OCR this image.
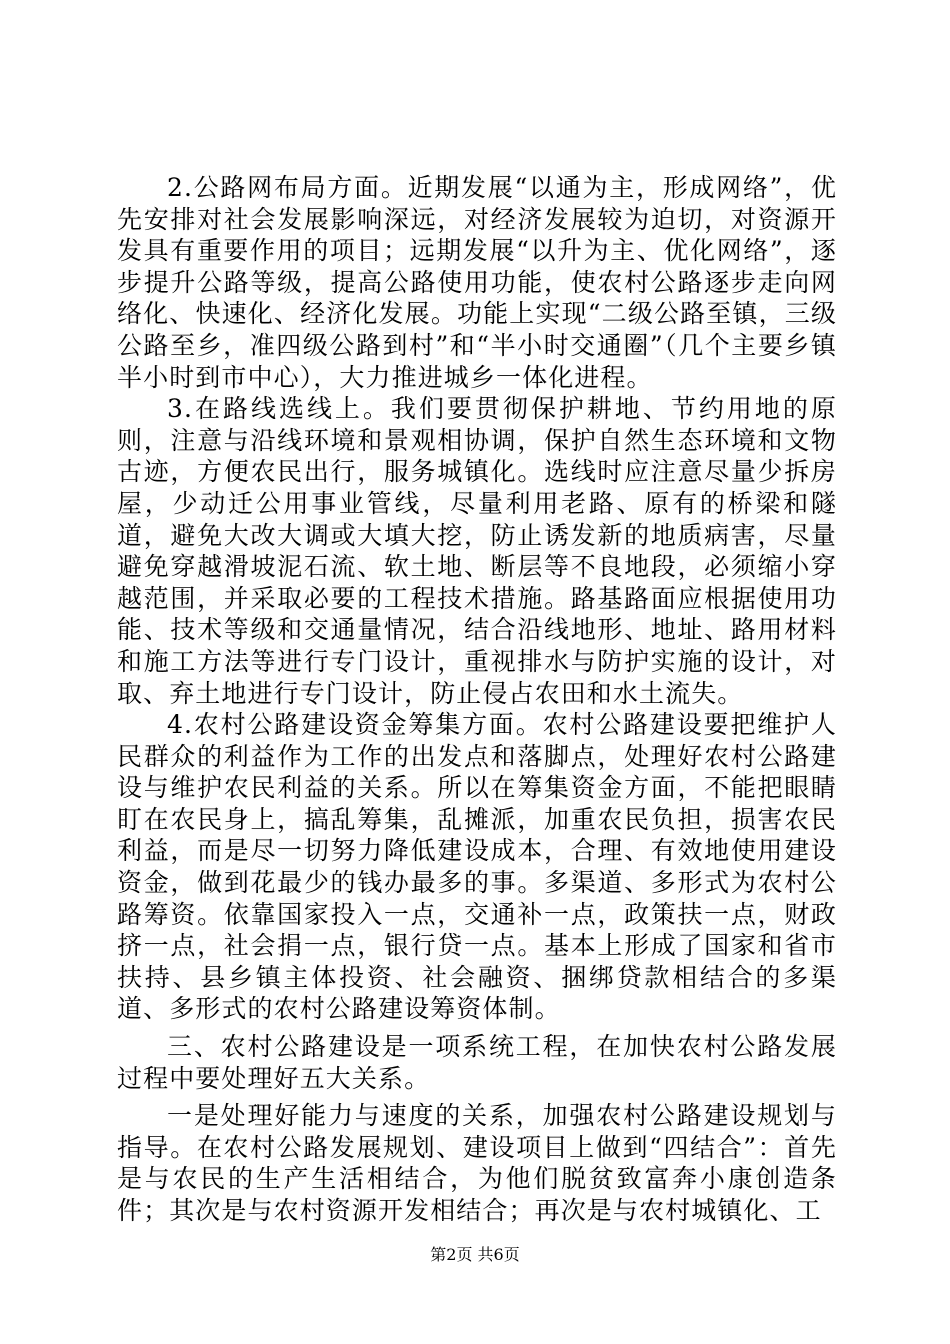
2.公路网布局方面。近期发展“以通为主，形成网络”，优先安排对社会发展影响深远，对经济发展较为迫切，对资源开发具有重要作用的项目；远期发展“以升为主、优化网络”，逐步提升公路等级，提高公路使用功能，使农村公路逐步走向网络化、快速化、经济化发展。功能上实现“二级公路至镇，三级公路至乡，准四级公路到村”和“半小时交通圈”（几个主要乡镇半小时到市中心），大力推进城乡一体化进程。

3.在路线选线上。我们要贯彻保护耕地、节约用地的原则，注意与沿线环境和景观相协调，保护自然生态环境和文物古迹，方便农民出行，服务城镇化。选线时应注意尽量少拆房屋，少动迁公用事业管线，尽量利用老路、原有的桥梁和隧道，避免大改大调或大填大挖，防止诱发新的地质病害，尽量避免穿越滑坡泥石流、软土地、断层等不良地段，必须缩小穿越范围，并采取必要的工程技术措施。路基路面应根据使用功能、技术等级和交通量情况，结合沿线地形、地址、路用材料和施工方法等进行专门设计，重视排水与防护实施的设计，对取、弃土地进行专门设计，防止侵占农田和水土流失。

4.农村公路建设资金筹集方面。农村公路建设要把维护人民群众的利益作为工作的出发点和落脚点，处理好农村公路建设与维护农民利益的关系。所以在筹集资金方面，不能把眼睛盯在农民身上，搞乱筹集，乱摊派，加重农民负担，损害农民利益，而是尽一切努力降低建设成本，合理、有效地使用建设资金，做到花最少的钱办最多的事。多渠道、多形式为农村公路筹资。依靠国家投入一点，交通补一点，政策扶一点，财政挤一点，社会捐一点，银行贷一点。基本上形成了国家和省市扶持、县乡镇主体投资、社会融资、捆绑贷款相结合的多渠道、多形式的农村公路建设筹资体制。

三、农村公路建设是一项系统工程，在加快农村公路发展过程中要处理好五大关系。

一是处理好能力与速度的关系，加强农村公路建设规划与指导。在农村公路发展规划、建设项目上做到“四结合”：首先是与农民的生产生活相结合，为他们脱贫致富奔小康创造条件；其次是与农村资源开发相结合；再次是与农村城镇化、工

第2页 共6页
